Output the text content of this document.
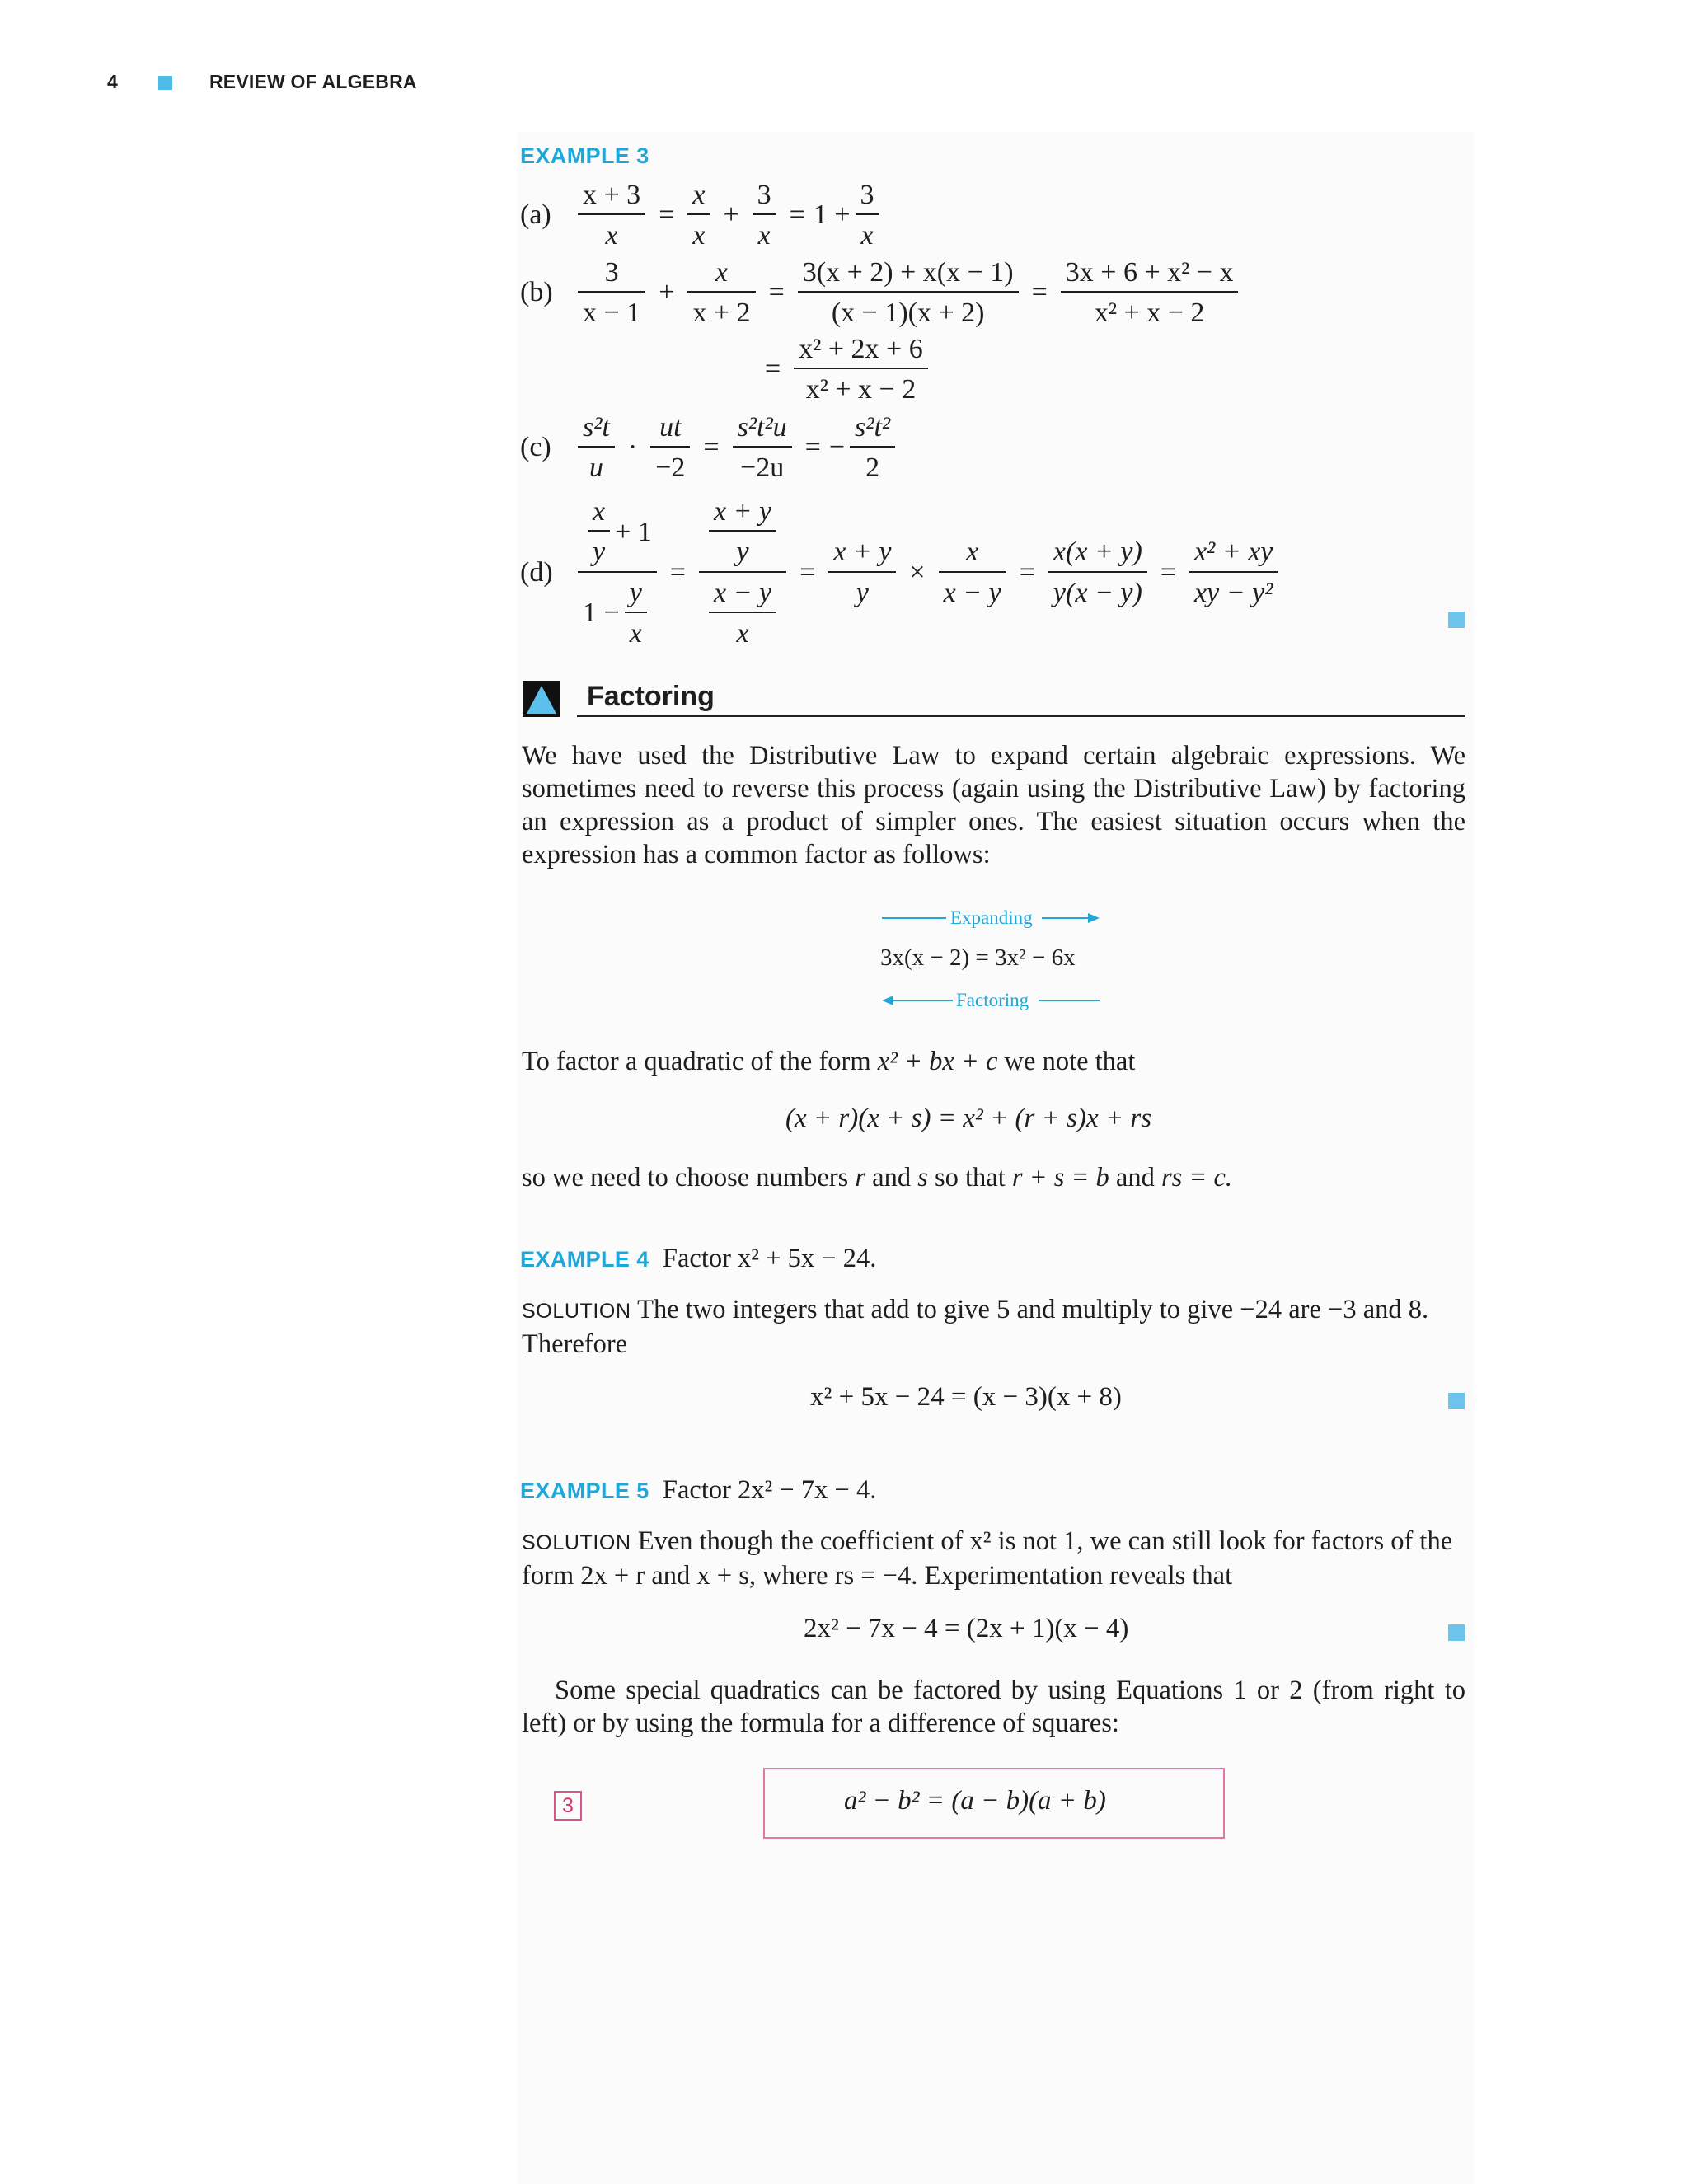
4	REVIEW OF ALGEBRA
EXAMPLE 3
$(a) \frac{x + 3}{x} = \frac{x}{x} + \frac{3}{x} = 1 + \frac{3}{x}$
$(b) \frac{3}{x - 1} + \frac{x}{x + 2} = \frac{3(x + 2) + x(x - 1)}{(x - 1)(x + 2)} = \frac{\text{3x + 6 + x² − x}}{\text{x² + x − 2}}$
= $\frac{\text{x² + 2x + 6}}{\text{x² + x − 2}}$
$(c) \frac{\text{s²t}}{u} \cdot \frac{ut}{-2} = \frac{\text{s²t²u}}{-2u}$ = − $\frac{\text{s²t²}}{2}$
$(d) \frac{\frac{x}{y} + 1}{1 - \frac{y}{x}} = \frac{\frac{x + y}{y}}{\frac{x - y}{x}} = \frac{x + y}{y} \times \frac{x}{x - y} = \frac{x(x + y)}{y(x - y)} = \frac{\text{x² + xy}}{\text{xy − y²}}$
Factoring
We have used the Distributive Law to expand certain algebraic expressions. We sometimes need to reverse this process (again using the Distributive Law) by factoring an expression as a product of simpler ones. The easiest situation occurs when the expression has a common factor as follows:
Expanding
3x(x − 2) = 3x² − 6x
Factoring
To factor a quadratic of the form x² + bx + c we note that
(x + r)(x + s) = x² + (r + s)x + rs
so we need to choose numbers r and s so that r + s = b and rs = c.
EXAMPLE 4 Factor x² + 5x − 24.
SOLUTION The two integers that add to give 5 and multiply to give −24 are −3 and 8. Therefore
x² + 5x − 24 = (x − 3)(x + 8)
EXAMPLE 5 Factor 2x² − 7x − 4.
SOLUTION Even though the coefficient of x² is not 1, we can still look for factors of the
form 2x + r and x + s, where rs = −4. Experimentation reveals that
2x² − 7x − 4 = (2x + 1)(x − 4)
Some special quadratics can be factored by using Equations 1 or 2 (from right to left) or by using the formula for a difference of squares:
3	a² − b² = (a − b)(a + b)
